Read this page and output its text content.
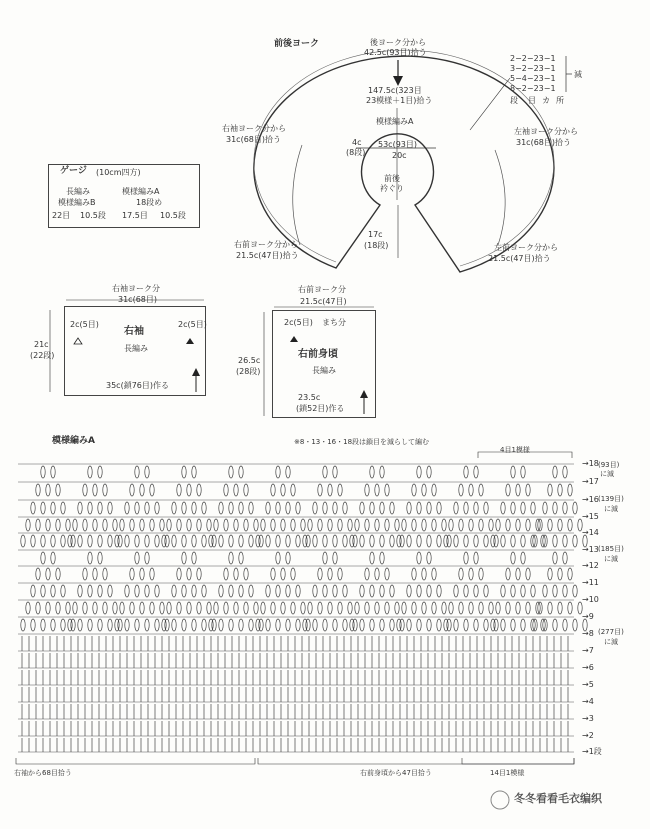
前後ヨーク	後ヨーク分から
42.5c(93目)拾う
147.5c(323目
23模様＋1目)拾う
模様編みA
4c
(8段)
53c(93目)
20c
前後
衿ぐり
17c
(18段)
右袖ヨーク分から
31c(68目)拾う
左袖ヨーク分から
31c(68目)拾う
右前ヨーク分から
21.5c(47目)拾う
左前ヨーク分から
21.5c(47目)拾う
2−2−23−1
3−2−23−1
5−4−23−1
8−2−23−1
減
段 目 カ 所
ゲージ (10cm四方)
長編み	模様編みA
模様編みB	18段め
22目 10.5段 17.5目 10.5段
右袖ヨーク分
31c(68目)
21c
(22段)
2c(5目)	2c(5目)
右袖
長編み
35c(鎖76目)作る
右前ヨーク分
21.5c(47目)
2c(5目) まち分
右前身頃
長編み
26.5c
(28段)
23.5c
(鎖52目)作る
模様編みA	※8・13・16・18段は鎖目を減らして編む
4目1模様
14目1模様
右袖から68目拾う	右前身頃から47目拾う
→18
→17
→16
→15
→14
→13
→12
→11
→10
→9
→8
→7
→6
→5
→4
→3
→2
→1段
(93目)
に減
(139目)
に減
(185目)
に減
(277目)
に減
冬冬看看毛衣编织
